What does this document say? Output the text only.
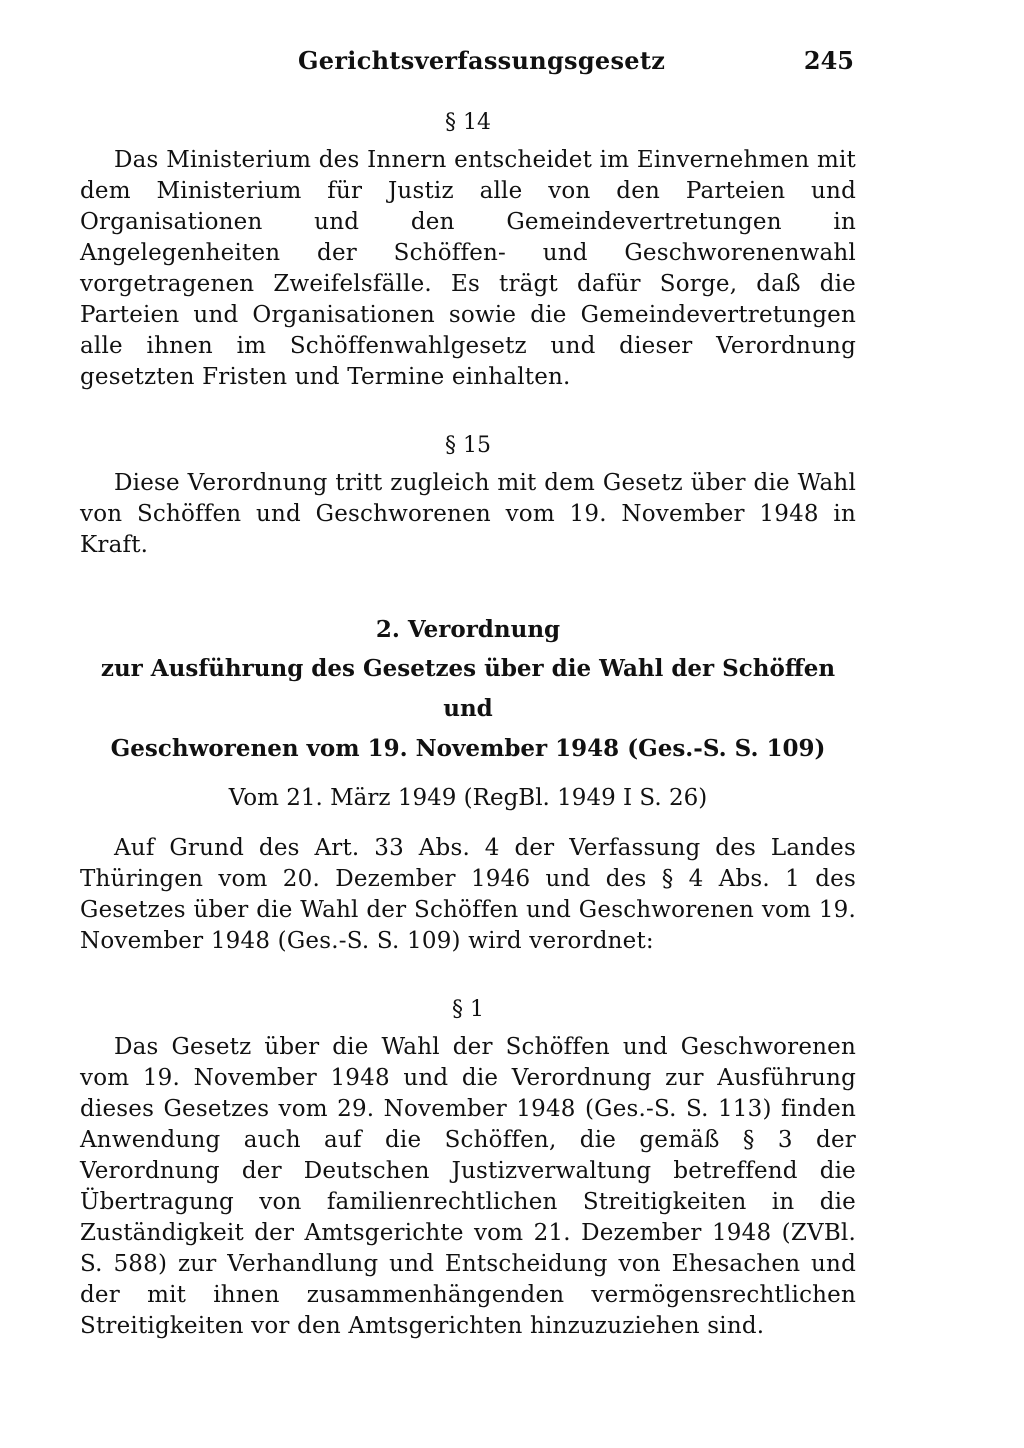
Gerichtsverfassungsgesetz	245
§ 14

Das Ministerium des Innern entscheidet im Einvernehmen mit dem Ministerium für Justiz alle von den Parteien und Organisationen und den Gemeindevertretungen in Angelegenheiten der Schöffen- und Geschworenenwahl vorgetragenen Zweifelsfälle. Es trägt dafür Sorge, daß die Parteien und Organisationen sowie die Gemeindevertretungen alle ihnen im Schöffenwahlgesetz und dieser Verordnung gesetzten Fristen und Termine einhalten.

§ 15

Diese Verordnung tritt zugleich mit dem Gesetz über die Wahl von Schöffen und Geschworenen vom 19. November 1948 in Kraft.

2. Verordnung
zur Ausführung des Gesetzes über die Wahl der Schöffen und
Geschworenen vom 19. November 1948 (Ges.-S. S. 109)
Vom 21. März 1949 (RegBl. 1949 I S. 26)

Auf Grund des Art. 33 Abs. 4 der Verfassung des Landes Thüringen vom 20. Dezember 1946 und des § 4 Abs. 1 des Gesetzes über die Wahl der Schöffen und Geschworenen vom 19. November 1948 (Ges.-S. S. 109) wird verordnet:

§ 1

Das Gesetz über die Wahl der Schöffen und Geschworenen vom 19. November 1948 und die Verordnung zur Ausführung dieses Gesetzes vom 29. November 1948 (Ges.-S. S. 113) finden Anwendung auch auf die Schöffen, die gemäß § 3 der Verordnung der Deutschen Justizverwaltung betreffend die Übertragung von familienrechtlichen Streitigkeiten in die Zuständigkeit der Amtsgerichte vom 21. Dezember 1948 (ZVBl. S. 588) zur Verhandlung und Entscheidung von Ehesachen und der mit ihnen zusammenhängenden vermögensrechtlichen Streitigkeiten vor den Amtsgerichten hinzuzuziehen sind.
